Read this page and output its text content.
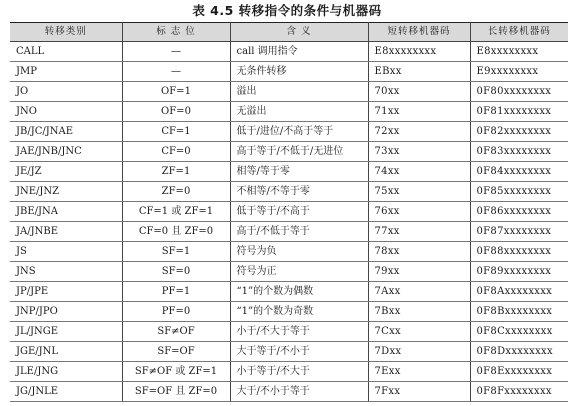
表 4.5 转移指令的条件与机器码
转移类别	标 志 位	含 义	短转移机器码	长转移机器码
CALL	—	call 调用指令	E8xxxxxxxx	E8xxxxxxxx
JMP	—	无条件转移	EBxx	E9xxxxxxxx
JO	OF=1	溢出	70xx	0F80xxxxxxxx
JNO	OF=0	无溢出	71xx	0F81xxxxxxxx
JB/JC/JNAE	CF=1	低于/进位/不高于等于	72xx	0F82xxxxxxxx
JAE/JNB/JNC	CF=0	高于等于/不低于/无进位	73xx	0F83xxxxxxxx
JE/JZ	ZF=1	相等/等于零	74xx	0F84xxxxxxxx
JNE/JNZ	ZF=0	不相等/不等于零	75xx	0F85xxxxxxxx
JBE/JNA	CF=1 或 ZF=1	低于等于/不高于	76xx	0F86xxxxxxxx
JA/JNBE	CF=0 且 ZF=0	高于/不低于等于	77xx	0F87xxxxxxxx
JS	SF=1	符号为负	78xx	0F88xxxxxxxx
JNS	SF=0	符号为正	79xx	0F89xxxxxxxx
JP/JPE	PF=1	“1”的个数为偶数	7Axx	0F8Axxxxxxxx
JNP/JPO	PF=0	“1”的个数为奇数	7Bxx	0F8Bxxxxxxxx
JL/JNGE	SF≠OF	小于/不大于等于	7Cxx	0F8Cxxxxxxxx
JGE/JNL	SF=OF	大于等于/不小于	7Dxx	0F8Dxxxxxxxx
JLE/JNG	SF≠OF 或 ZF=1	小于等于/不大于	7Exx	0F8Exxxxxxxx
JG/JNLE	SF=OF 且 ZF=0	大于/不小于等于	7Fxx	0F8Fxxxxxxxx
